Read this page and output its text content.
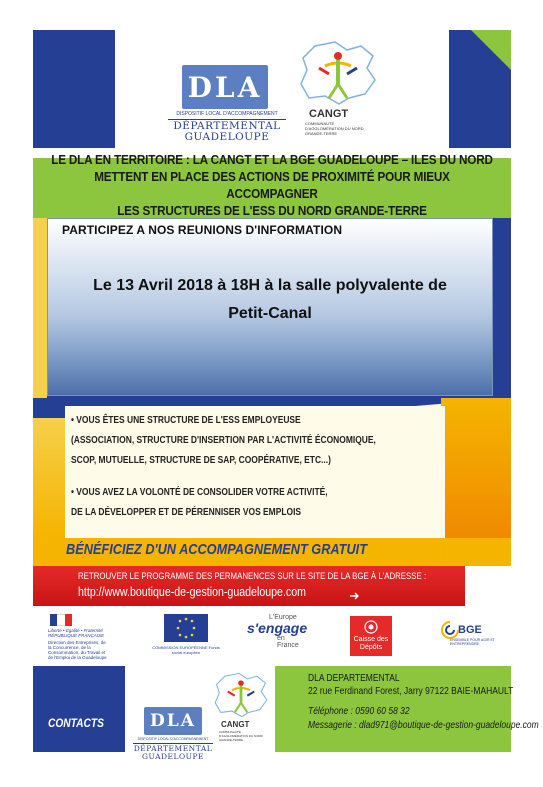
DLA
DISPOSITIF LOCAL D'ACCOMPAGNEMENT
DÉPARTEMENTAL
GUADELOUPE
CANGT
COMMUNAUTÉ D'AGGLOMÉRATION DU NORD GRANDE-TERRE
LE DLA EN TERRITOIRE : LA CANGT ET LA BGE GUADELOUPE – ILES DU NORD
METTENT EN PLACE DES ACTIONS DE PROXIMITÉ POUR MIEUX ACCOMPAGNER
LES STRUCTURES DE L'ESS DU NORD GRANDE-TERRE
PARTICIPEZ A NOS REUNIONS D'INFORMATION
Le 13 Avril 2018 à 18H à la salle polyvalente de
Petit-Canal
• VOUS ÊTES UNE STRUCTURE DE L'ESS EMPLOYEUSE
(ASSOCIATION, STRUCTURE D'INSERTION PAR L'ACTIVITÉ ÉCONOMIQUE,
SCOP, MUTUELLE, STRUCTURE DE SAP, COOPÉRATIVE, ETC...)
• VOUS AVEZ LA VOLONTÉ DE CONSOLIDER VOTRE ACTIVITÉ,
DE LA DÉVELOPPER ET DE PÉRENNISER VOS EMPLOIS
BÉNÉFICIEZ D'UN ACCOMPAGNEMENT GRATUIT
RETROUVER LE PROGRAMME DES PERMANENCES SUR LE SITE DE LA BGE À L'ADRESSE :
http://www.boutique-de-gestion-guadeloupe.com
Liberté • Égalité • Fraternité RÉPUBLIQUE FRANÇAISE
Direction des Entreprises, de la Concurrence, de la Consommation, du Travail et de l'Emploi de la Guadeloupe
COMMISSION EUROPÉENNE Fonds social européen
L'Europe
s'engage
en France
Caisse des Dépôts
BGE
ENSEMBLE POUR AGIR ET ENTREPRENDRE
CONTACTS	DLA
DISPOSITIF LOCAL D'ACCOMPAGNEMENT
DÉPARTEMENTAL
GUADELOUPE
CANGT
COMMUNAUTÉ D'AGGLOMÉRATION DU NORD GRANDE-TERRE
DLA DEPARTEMENTAL
22 rue Ferdinand Forest, Jarry 97122 BAIE-MAHAULT
Téléphone : 0590 60 58 32
Messagerie : dlad971@boutique-de-gestion-guadeloupe.com
